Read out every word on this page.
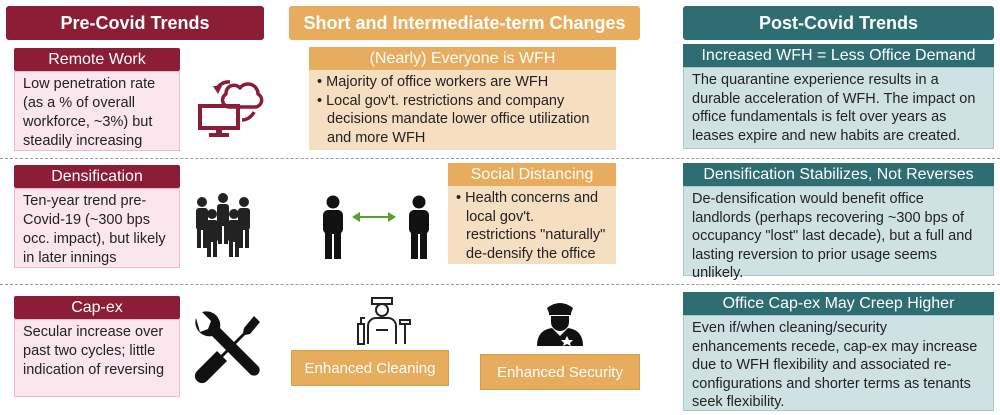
Pre-Covid Trends	Short and Intermediate-term Changes	Post-Covid Trends
Remote Work
Low penetration rate (as a % of overall workforce, ~3%) but steadily increasing
(Nearly) Everyone is WFH
• Majority of office workers are WFH
• Local gov't. restrictions and company decisions mandate lower office utilization and more WFH
Increased WFH = Less Office Demand
The quarantine experience results in a durable acceleration of WFH. The impact on office fundamentals is felt over years as leases expire and new habits are created.
Densification
Ten-year trend pre-Covid-19 (~300 bps occ. impact), but likely in later innings
Social Distancing
• Health concerns and local gov't. restrictions "naturally" de-densify the office
Densification Stabilizes, Not Reverses
De-densification would benefit office landlords (perhaps recovering ~300 bps of occupancy "lost" last decade), but a full and lasting reversion to prior usage seems unlikely.
Cap-ex
Secular increase over past two cycles; little indication of reversing	Enhanced Cleaning	Enhanced Security
Office Cap-ex May Creep Higher
Even if/when cleaning/security enhancements recede, cap-ex may increase due to WFH flexibility and associated re-configurations and shorter terms as tenants seek flexibility.
